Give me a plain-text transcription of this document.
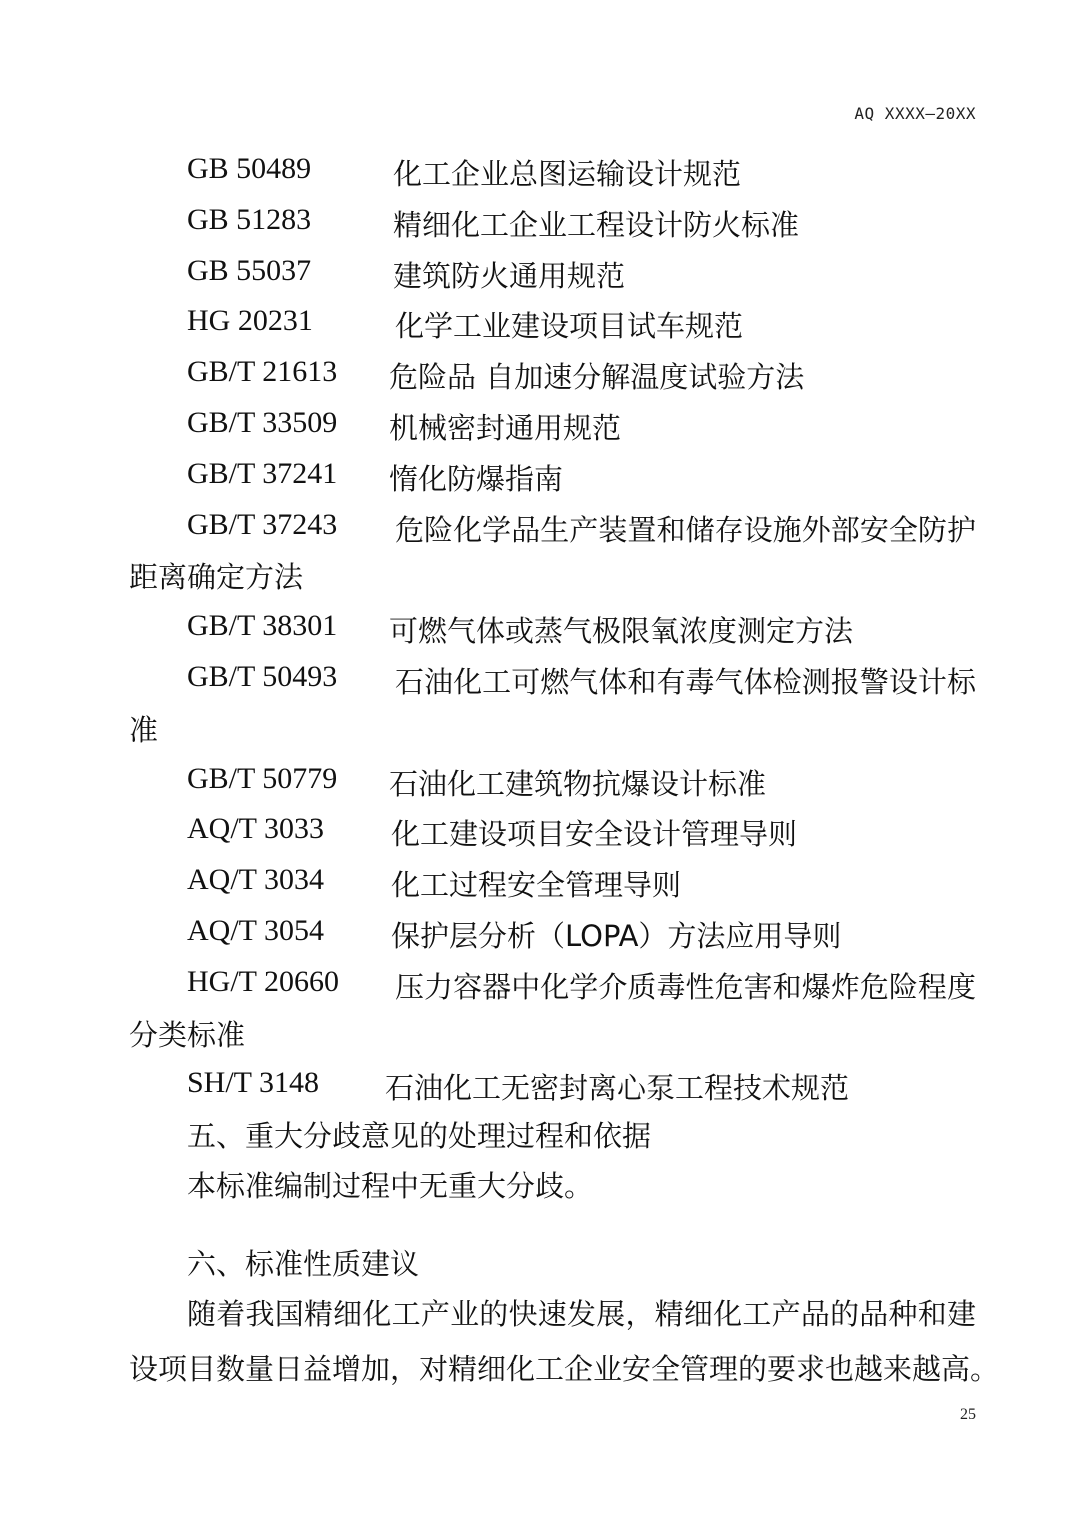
AQ XXXX—20XX
GB 50489	化工企业总图运输设计规范
GB 51283	精细化工企业工程设计防火标准
GB 55037	建筑防火通用规范
HG 20231	化学工业建设项目试车规范
GB/T 21613 危险品 自加速分解温度试验方法
GB/T 33509 机械密封通用规范
GB/T 37241 惰化防爆指南
GB/T 37243 危险化学品生产装置和储存设施外部安全防护
距离确定方法
GB/T 38301 可燃气体或蒸气极限氧浓度测定方法
GB/T 50493 石油化工可燃气体和有毒气体检测报警设计标
准
GB/T 50779 石油化工建筑物抗爆设计标准
AQ/T 3033 化工建设项目安全设计管理导则
AQ/T 3034 化工过程安全管理导则
AQ/T 3054 保护层分析（LOPA）方法应用导则
HG/T 20660 压力容器中化学介质毒性危害和爆炸危险程度
分类标准
SH/T 3148 石油化工无密封离心泵工程技术规范
五、重大分歧意见的处理过程和依据
本标准编制过程中无重大分歧。
六、标准性质建议
随着我国精细化工产业的快速发展，精细化工产品的品种和建
设项目数量日益增加，对精细化工企业安全管理的要求也越来越高。
25
